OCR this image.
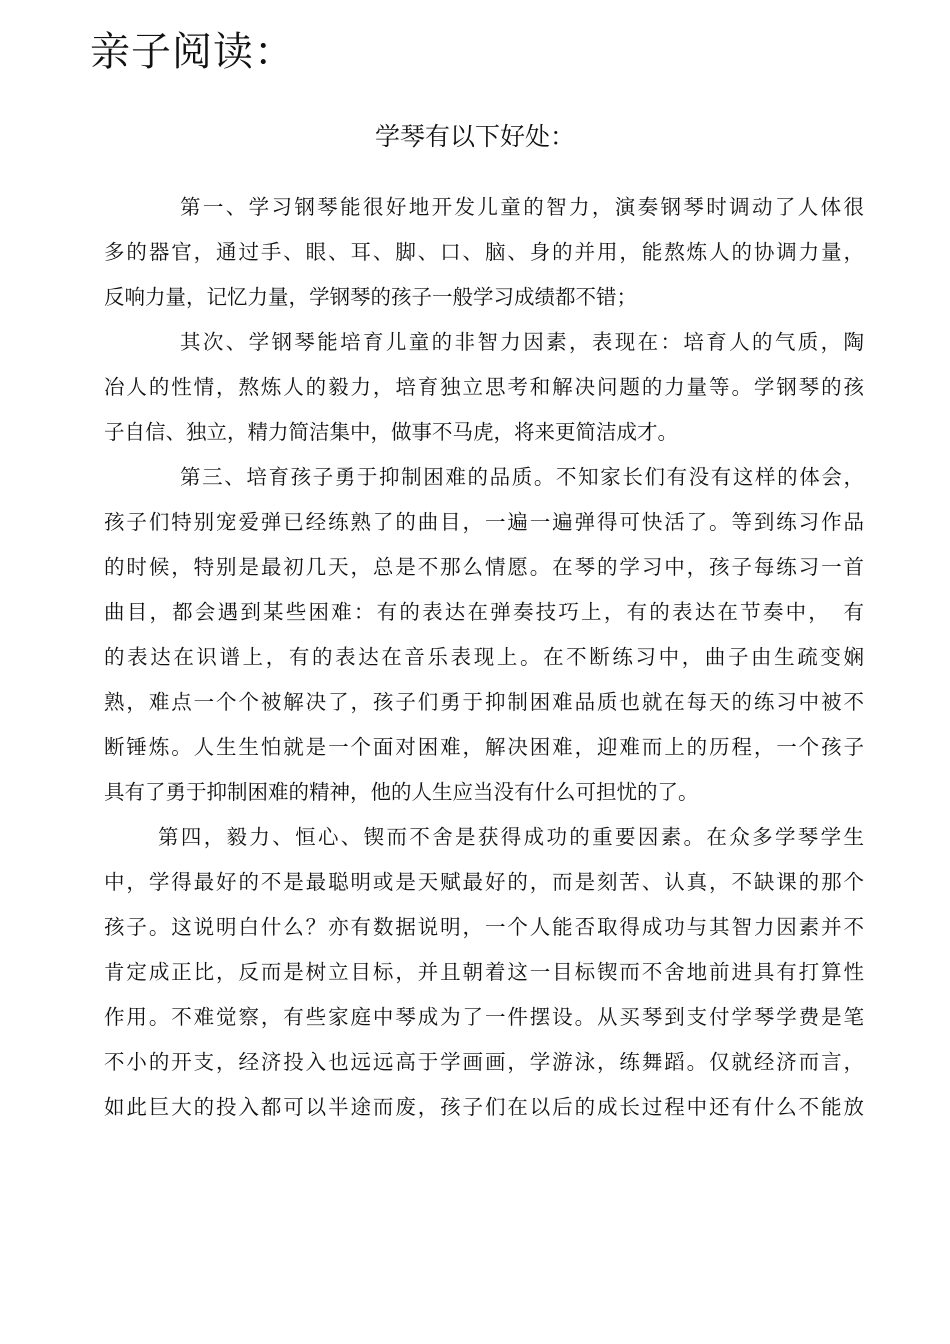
亲子阅读：
学琴有以下好处：
第一、学习钢琴能很好地开发儿童的智力，演奏钢琴时调动了人体很
多的器官，通过手、眼、耳、脚、口、脑、身的并用，能熬炼人的协调力量，
反响力量，记忆力量，学钢琴的孩子一般学习成绩都不错；
其次、学钢琴能培育儿童的非智力因素，表现在：培育人的气质，陶
冶人的性情，熬炼人的毅力，培育独立思考和解决问题的力量等。学钢琴的孩
子自信、独立，精力简洁集中，做事不马虎，将来更简洁成才。
第三、培育孩子勇于抑制困难的品质。不知家长们有没有这样的体会，
孩子们特别宠爱弹已经练熟了的曲目，一遍一遍弹得可快活了。等到练习作品
的时候，特别是最初几天，总是不那么情愿。在琴的学习中，孩子每练习一首
曲目，都会遇到某些困难：有的表达在弹奏技巧上，有的表达在节奏中，　有
的表达在识谱上，有的表达在音乐表现上。在不断练习中，曲子由生疏变娴
熟，难点一个个被解决了，孩子们勇于抑制困难品质也就在每天的练习中被不
断锤炼。人生生怕就是一个面对困难，解决困难，迎难而上的历程，一个孩子
具有了勇于抑制困难的精神，他的人生应当没有什么可担忧的了。
第四，毅力、恒心、锲而不舍是获得成功的重要因素。在众多学琴学生
中，学得最好的不是最聪明或是天赋最好的，而是刻苦、认真，不缺课的那个
孩子。这说明白什么？亦有数据说明，一个人能否取得成功与其智力因素并不
肯定成正比，反而是树立目标，并且朝着这一目标锲而不舍地前进具有打算性
作用。不难觉察，有些家庭中琴成为了一件摆设。从买琴到支付学琴学费是笔
不小的开支，经济投入也远远高于学画画，学游泳，练舞蹈。仅就经济而言，
如此巨大的投入都可以半途而废，孩子们在以后的成长过程中还有什么不能放
